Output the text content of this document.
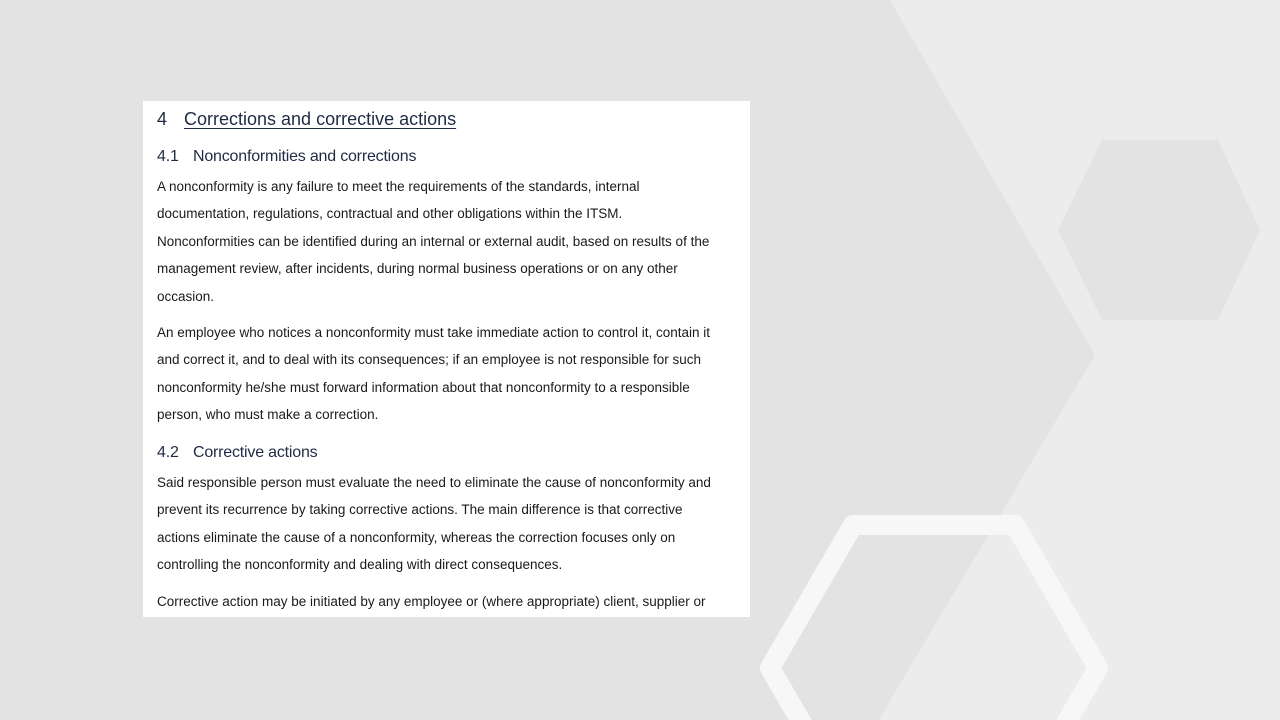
4 Corrections and corrective actions
4.1 Nonconformities and corrections

A nonconformity is any failure to meet the requirements of the standards, internal
documentation, regulations, contractual and other obligations within the ITSM.
Nonconformities can be identified during an internal or external audit, based on results of the
management review, after incidents, during normal business operations or on any other
occasion.

An employee who notices a nonconformity must take immediate action to control it, contain it
and correct it, and to deal with its consequences; if an employee is not responsible for such
nonconformity he/she must forward information about that nonconformity to a responsible
person, who must make a correction.

4.2 Corrective actions

Said responsible person must evaluate the need to eliminate the cause of nonconformity and
prevent its recurrence by taking corrective actions. The main difference is that corrective
actions eliminate the cause of a nonconformity, whereas the correction focuses only on
controlling the nonconformity and dealing with direct consequences.

Corrective action may be initiated by any employee or (where appropriate) client, supplier or
